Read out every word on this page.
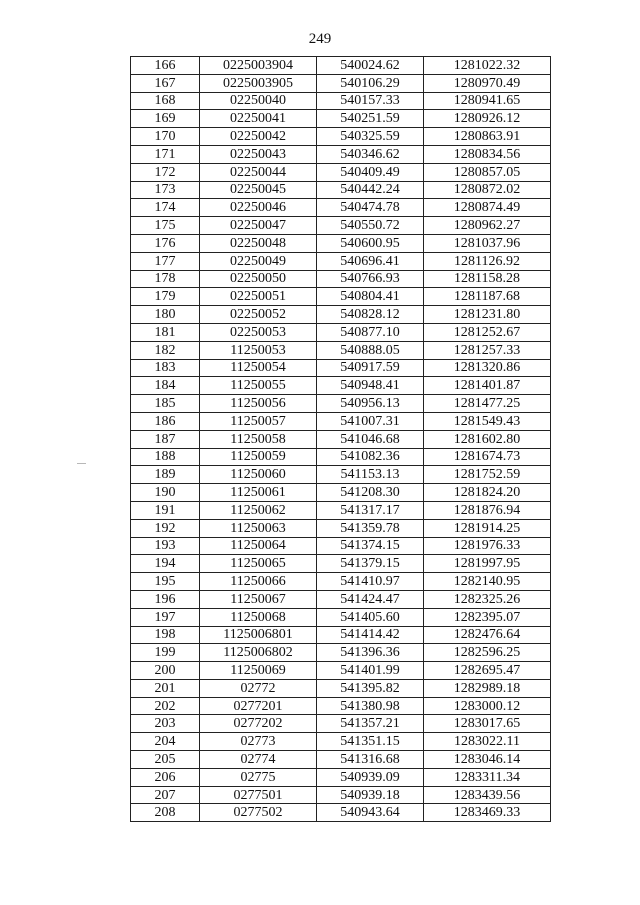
249
166	0225003904	540024.62	1281022.32
167	0225003905	540106.29	1280970.49
168	02250040	540157.33	1280941.65
169	02250041	540251.59	1280926.12
170	02250042	540325.59	1280863.91
171	02250043	540346.62	1280834.56
172	02250044	540409.49	1280857.05
173	02250045	540442.24	1280872.02
174	02250046	540474.78	1280874.49
175	02250047	540550.72	1280962.27
176	02250048	540600.95	1281037.96
177	02250049	540696.41	1281126.92
178	02250050	540766.93	1281158.28
179	02250051	540804.41	1281187.68
180	02250052	540828.12	1281231.80
181	02250053	540877.10	1281252.67
182	11250053	540888.05	1281257.33
183	11250054	540917.59	1281320.86
184	11250055	540948.41	1281401.87
185	11250056	540956.13	1281477.25
186	11250057	541007.31	1281549.43
187	11250058	541046.68	1281602.80
188	11250059	541082.36	1281674.73
189	11250060	541153.13	1281752.59
190	11250061	541208.30	1281824.20
191	11250062	541317.17	1281876.94
192	11250063	541359.78	1281914.25
193	11250064	541374.15	1281976.33
194	11250065	541379.15	1281997.95
195	11250066	541410.97	1282140.95
196	11250067	541424.47	1282325.26
197	11250068	541405.60	1282395.07
198	1125006801	541414.42	1282476.64
199	1125006802	541396.36	1282596.25
200	11250069	541401.99	1282695.47
201	02772	541395.82	1282989.18
202	0277201	541380.98	1283000.12
203	0277202	541357.21	1283017.65
204	02773	541351.15	1283022.11
205	02774	541316.68	1283046.14
206	02775	540939.09	1283311.34
207	0277501	540939.18	1283439.56
208	0277502	540943.64	1283469.33
